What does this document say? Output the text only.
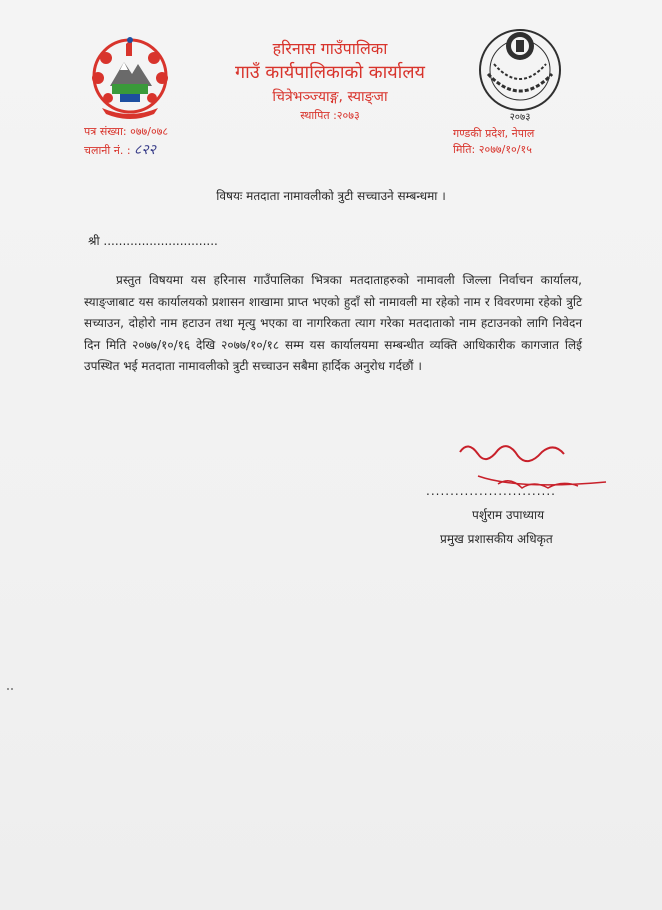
२०७३
हरिनास गाउँपालिका
गाउँ कार्यपालिकाको कार्यालय
चित्रेभञ्ज्याङ्ग, स्याङ्जा
स्थापित :२०७३
पत्र संख्या: ०७७/०७८
चलानी नं. : ८२२
गण्डकी प्रदेश, नेपाल
मिति: २०७७/१०/१५
विषयः मतदाता नामावलीको त्रुटी सच्चाउने सम्बन्धमा ।
श्री ..............................
प्रस्तुत विषयमा यस हरिनास गाउँपालिका भित्रका मतदाताहरुको नामावली जिल्ला निर्वाचन कार्यालय, स्याङ्जाबाट यस कार्यालयको प्रशासन शाखामा प्राप्त भएको हुदाँ सो नामावली मा रहेको नाम र विवरणमा रहेको त्रुटि सच्याउन, दोहोरो नाम हटाउन तथा मृत्यु भएका वा नागरिकता त्याग गरेका मतदाताको नाम हटाउनको लागि निवेदन दिन मिति २०७७/१०/१६ देखि २०७७/१०/१८ सम्म यस कार्यालयमा सम्बन्धीत व्यक्ति आधिकारीक कागजात लिई उपस्थित भई मतदाता नामावलीको त्रुटी सच्चाउन सबैमा हार्दिक अनुरोध गर्दछौं ।
...........................
पर्शुराम उपाध्याय
प्रमुख प्रशासकीय अधिकृत
